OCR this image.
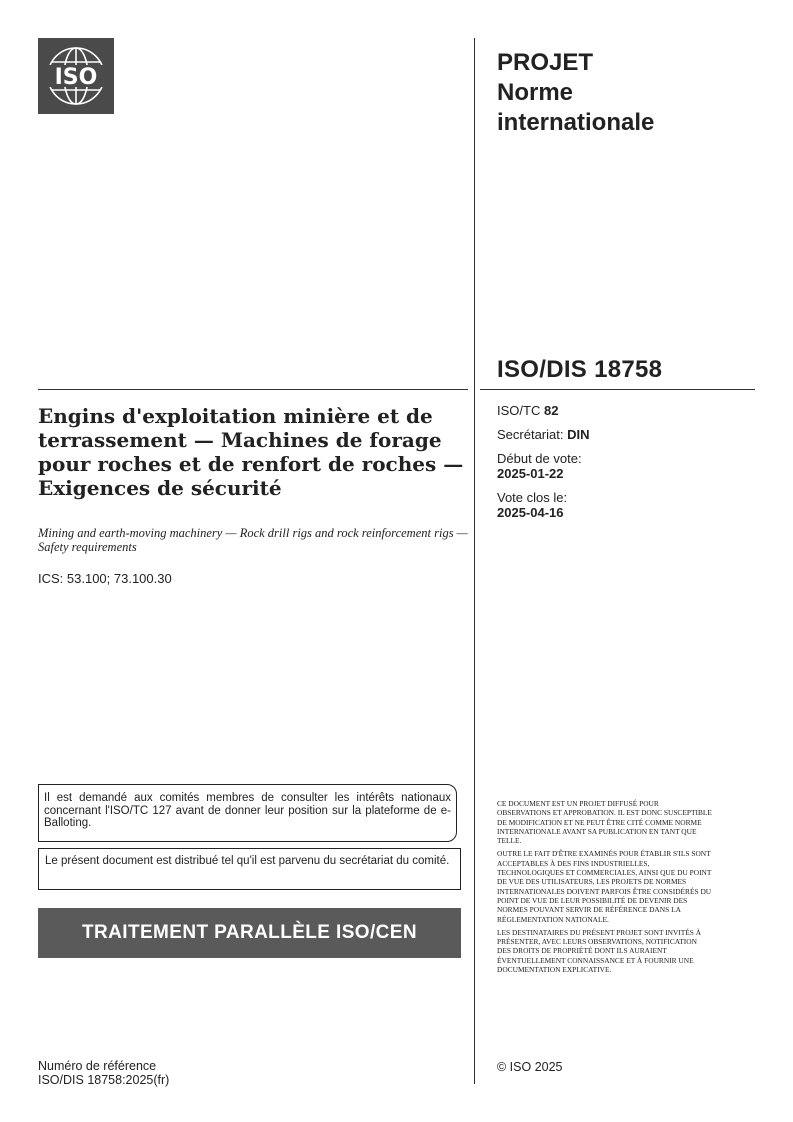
ISO
PROJET
Norme
internationale
ISO/DIS 18758
ISO/TC 82
Secrétariat: DIN
Début de vote:
2025-01-22
Vote clos le:
2025-04-16
Engins d'exploitation minière et de terrassement — Machines de forage pour roches et de renfort de roches — Exigences de sécurité
Mining and earth-moving machinery — Rock drill rigs and rock reinforcement rigs — Safety requirements
ICS: 53.100; 73.100.30
Il est demandé aux comités membres de consulter les intérêts nationaux concernant l'ISO/TC 127 avant de donner leur position sur la plateforme de e-Balloting.
Le présent document est distribué tel qu'il est parvenu du secrétariat du comité.
TRAITEMENT PARALLÈLE ISO/CEN
Numéro de référence
ISO/DIS 18758:2025(fr)

CE DOCUMENT EST UN PROJET DIFFUSÉ POUR OBSERVATIONS ET APPROBATION. IL EST DONC SUSCEPTIBLE DE MODIFICATION ET NE PEUT ÊTRE CITÉ COMME NORME INTERNATIONALE AVANT SA PUBLICATION EN TANT QUE TELLE.

OUTRE LE FAIT D'ÊTRE EXAMINÉS POUR ÉTABLIR S'ILS SONT ACCEPTABLES À DES FINS INDUSTRIELLES, TECHNOLOGIQUES ET COMMERCIALES, AINSI QUE DU POINT DE VUE DES UTILISATEURS, LES PROJETS DE NORMES INTERNATIONALES DOIVENT PARFOIS ÊTRE CONSIDÉRÉS DU POINT DE VUE DE LEUR POSSIBILITÉ DE DEVENIR DES NORMES POUVANT SERVIR DE RÉFÉRENCE DANS LA RÉGLEMENTATION NATIONALE.

LES DESTINATAIRES DU PRÉSENT PROJET SONT INVITÉS À PRÉSENTER, AVEC LEURS OBSERVATIONS, NOTIFICATION DES DROITS DE PROPRIÉTÉ DONT ILS AURAIENT ÉVENTUELLEMENT CONNAISSANCE ET À FOURNIR UNE DOCUMENTATION EXPLICATIVE.

© ISO 2025
